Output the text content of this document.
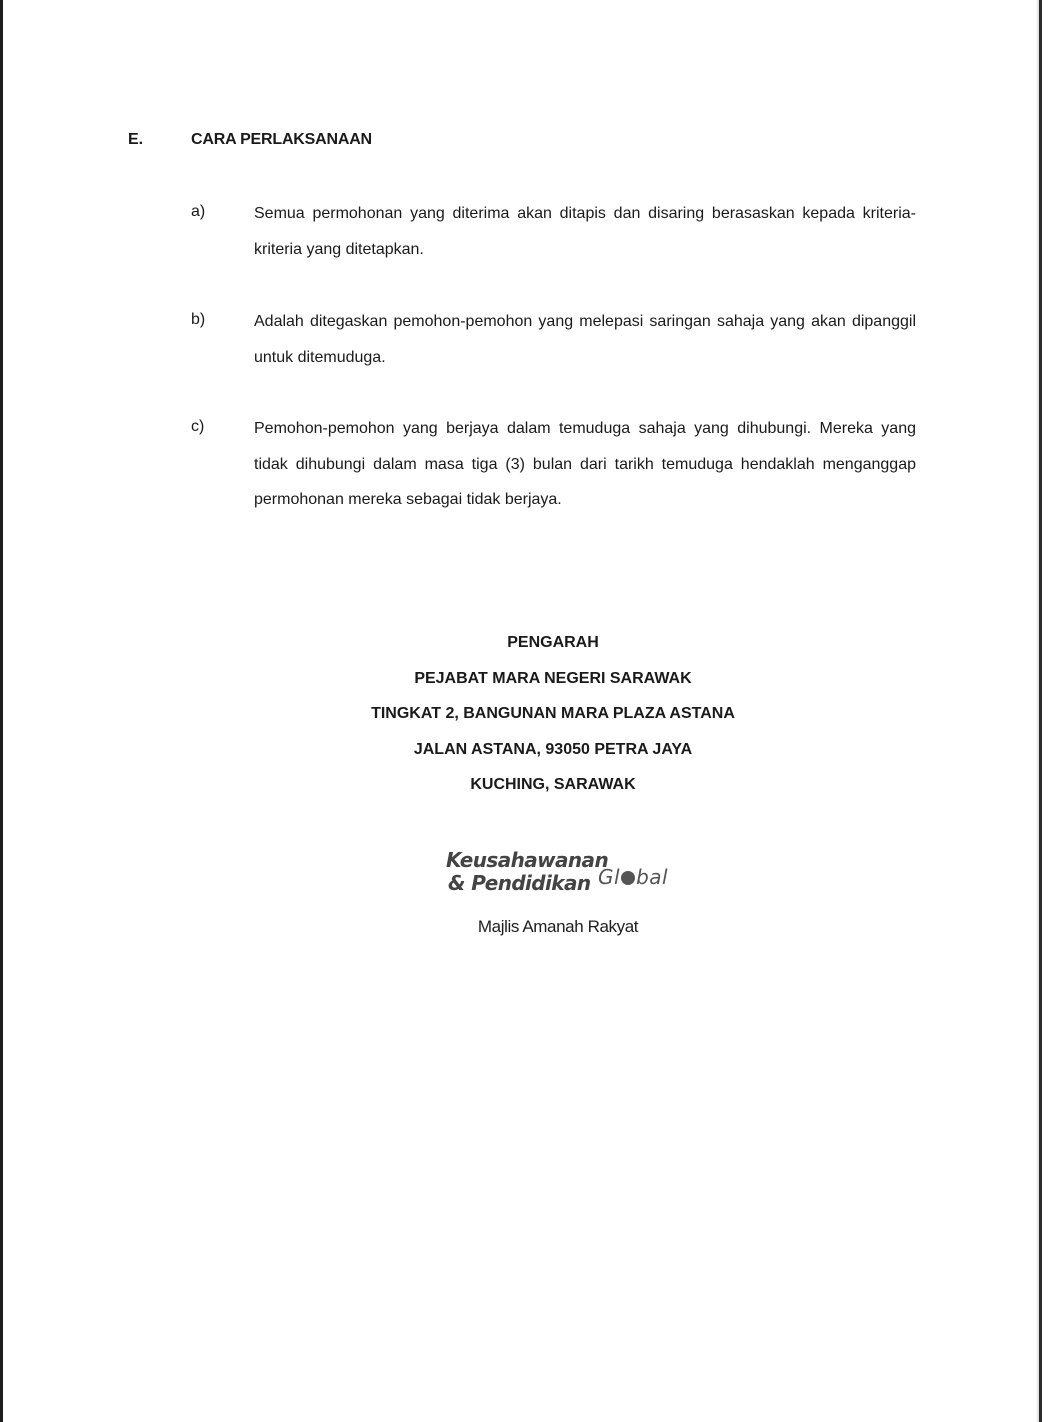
E.	CARA PERLAKSANAAN
a)	Semua permohonan yang diterima akan ditapis dan disaring berasaskan kepada kriteria-kriteria yang ditetapkan.
b)	Adalah ditegaskan pemohon-pemohon yang melepasi saringan sahaja yang akan dipanggil untuk ditemuduga.
c)	Pemohon-pemohon yang berjaya dalam temuduga sahaja yang dihubungi. Mereka yang tidak dihubungi dalam masa tiga (3) bulan dari tarikh temuduga hendaklah menganggap permohonan mereka sebagai tidak berjaya.
PENGARAH
PEJABAT MARA NEGERI SARAWAK
TINGKAT 2, BANGUNAN MARA PLAZA ASTANA
JALAN ASTANA, 93050 PETRA JAYA
KUCHING, SARAWAK
Keusahawanan
& Pendidikan Gl bal
Majlis Amanah Rakyat
